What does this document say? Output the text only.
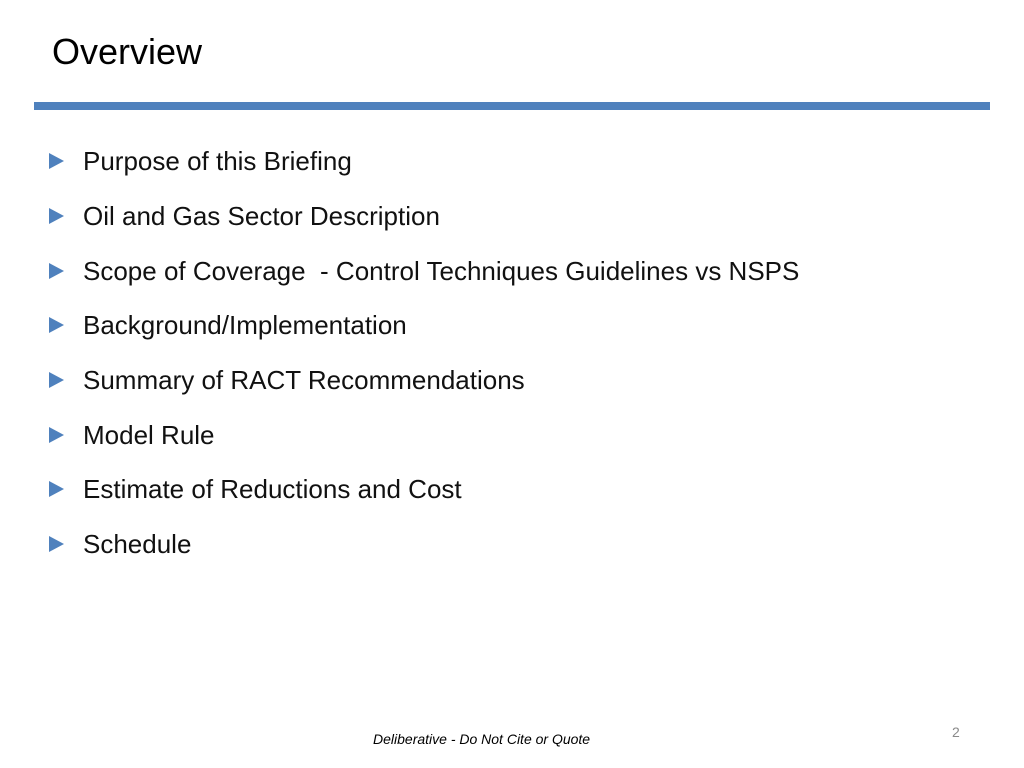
Overview
Purpose of this Briefing
Oil and Gas Sector Description
Scope of Coverage  - Control Techniques Guidelines vs NSPS
Background/Implementation
Summary of RACT Recommendations
Model Rule
Estimate of Reductions and Cost
Schedule
Deliberative - Do Not Cite or Quote	2
